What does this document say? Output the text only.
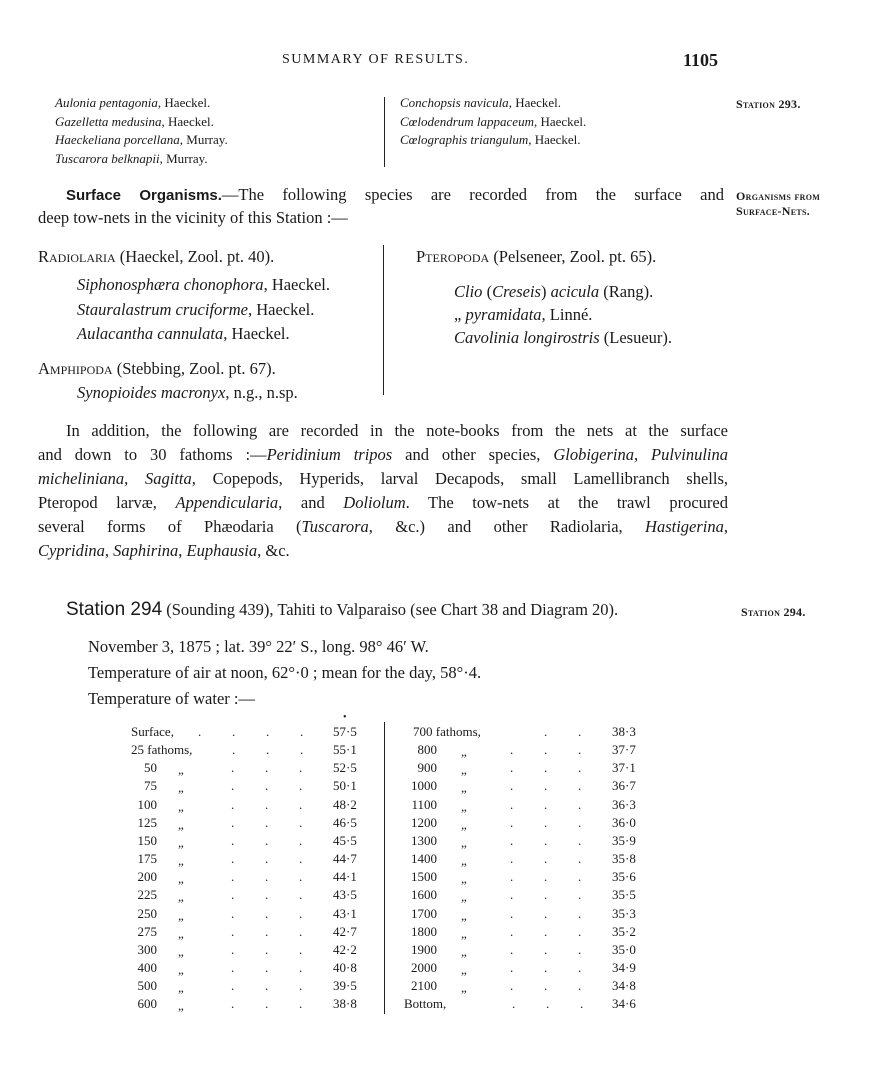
SUMMARY OF RESULTS.	1105
Aulonia pentagonia, Haeckel.
Gazelletta medusina, Haeckel.
Haeckeliana porcellana, Murray.
Tuscarora belknapii, Murray.
Conchopsis navicula, Haeckel.
Cœlodendrum lappaceum, Haeckel.
Cœlographis triangulum, Haeckel.
Station 293.
Surface Organisms.—The following species are recorded from the surface and
deep tow-nets in the vicinity of this Station :—
Organisms from
Surface-Nets.
Radiolaria (Haeckel, Zool. pt. 40).
Siphonosphæra chonophora, Haeckel.
Stauralastrum cruciforme, Haeckel.
Aulacantha cannulata, Haeckel.
Amphipoda (Stebbing, Zool. pt. 67).
Synopioides macronyx, n.g., n.sp.
Pteropoda (Pelseneer, Zool. pt. 65).
Clio (Creseis) acicula (Rang).
„ pyramidata, Linné.
Cavolinia longirostris (Lesueur).
In addition, the following are recorded in the note-books from the nets at the surface
and down to 30 fathoms :—Peridinium tripos and other species, Globigerina, Pulvinulina
micheliniana, Sagitta, Copepods, Hyperids, larval Decapods, small Lamellibranch shells,
Pteropod larvæ, Appendicularia, and Doliolum. The tow-nets at the trawl procured
several forms of Phæodaria (Tuscarora, &c.) and other Radiolaria, Hastigerina,
Cypridina, Saphirina, Euphausia, &c.
Station 294 (Sounding 439), Tahiti to Valparaiso (see Chart 38 and Diagram 20).	Station 294.
November 3, 1875 ; lat. 39° 22′ S., long. 98° 46′ W.
Temperature of air at noon, 62°·0 ; mean for the day, 58°·4.
Temperature of water :—
•
Surface, . . . . 57·5
25 fathoms,	. . . 55·1
50 „	. . . 52·5
75 „	. . . 50·1
100 „	. . . 48·2
125 „	. . . 46·5
150 „	. . . 45·5
175 „	. . . 44·7
200 „	. . . 44·1
225 „	. . . 43·5
250 „	. . . 43·1
275 „	. . . 42·7
300 „	. . . 42·2
400 „	. . . 40·8
500 „	. . . 39·5
600 „	. . . 38·8
700 fathoms,	. . 38·3
800 „	. . . 37·7
900 „	. . . 37·1
1000 „	. . . 36·7
1100 „	. . . 36·3
1200 „	. . . 36·0
1300 „	. . . 35·9
1400 „	. . . 35·8
1500 „	. . . 35·6
1600 „	. . . 35·5
1700 „	. . . 35·3
1800 „	. . . 35·2
1900 „	. . . 35·0
2000 „	. . . 34·9
2100 „	. . . 34·8
Bottom,	. . . 34·6
